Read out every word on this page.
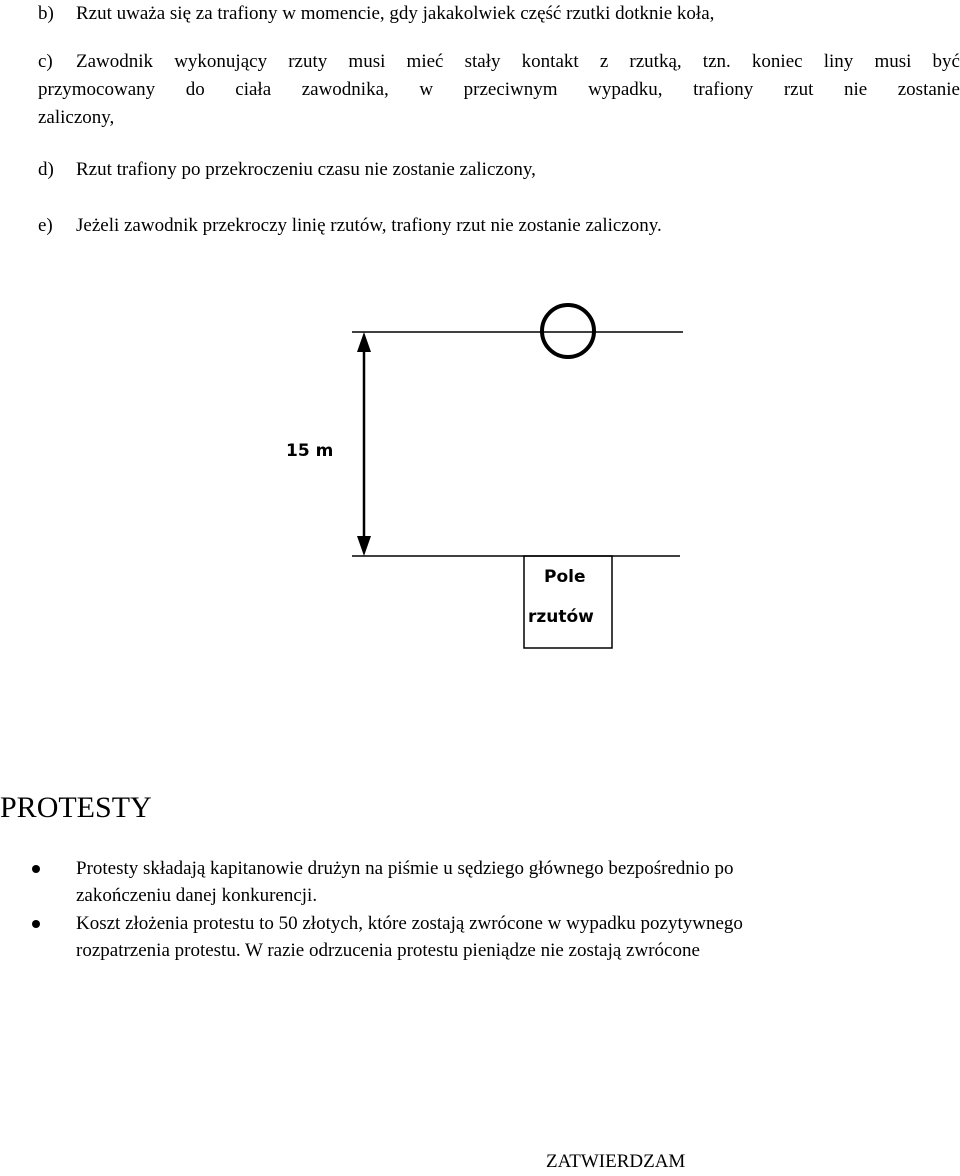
b) Rzut uważa się za trafiony w momencie, gdy jakakolwiek część rzutki dotknie koła,
c) Zawodnik wykonujący rzuty musi mieć stały kontakt z rzutką, tzn. koniec liny musi być
przymocowany do ciała zawodnika, w przeciwnym wypadku, trafiony rzut nie zostanie
zaliczony,
d) Rzut trafiony po przekroczeniu czasu nie zostanie zaliczony,
e) Jeżeli zawodnik przekroczy linię rzutów, trafiony rzut nie zostanie zaliczony.
15 m
Pole
rzutów
PROTESTY
Protesty składają kapitanowie drużyn na piśmie u sędziego głównego bezpośrednio po
zakończeniu danej konkurencji.
Koszt złożenia protestu to 50 złotych, które zostają zwrócone w wypadku pozytywnego
rozpatrzenia protestu. W razie odrzucenia protestu pieniądze nie zostają zwrócone
ZATWIERDZAM
